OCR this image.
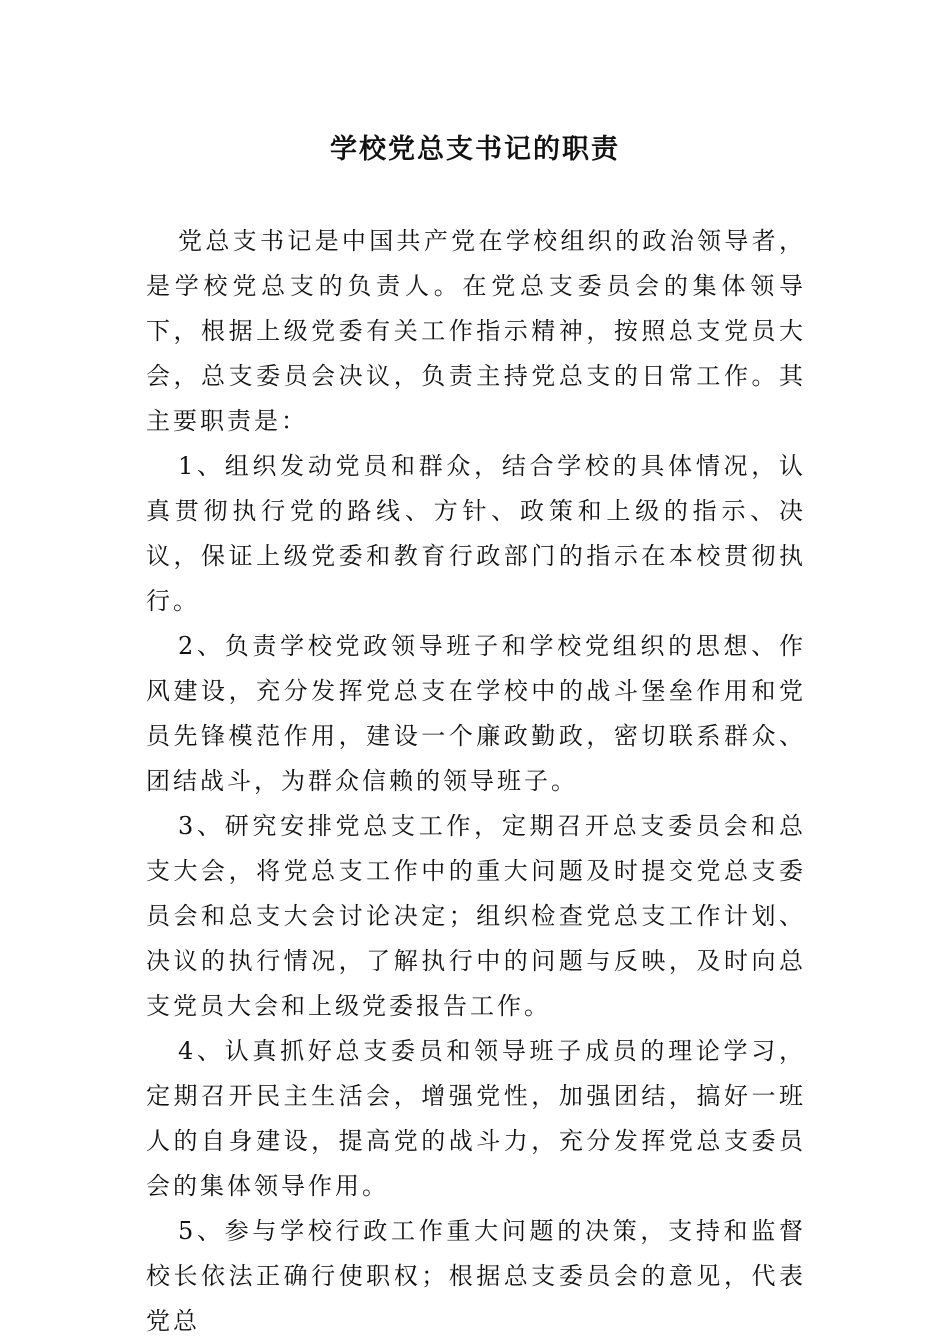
学校党总支书记的职责

党总支书记是中国共产党在学校组织的政治领导者，是学校党总支的负责人。在党总支委员会的集体领导下，根据上级党委有关工作指示精神，按照总支党员大会，总支委员会决议，负责主持党总支的日常工作。其主要职责是：

1、组织发动党员和群众，结合学校的具体情况，认真贯彻执行党的路线、方针、政策和上级的指示、决议，保证上级党委和教育行政部门的指示在本校贯彻执行。

2、负责学校党政领导班子和学校党组织的思想、作风建设，充分发挥党总支在学校中的战斗堡垒作用和党员先锋模范作用，建设一个廉政勤政，密切联系群众、团结战斗，为群众信赖的领导班子。

3、研究安排党总支工作，定期召开总支委员会和总支大会，将党总支工作中的重大问题及时提交党总支委员会和总支大会讨论决定；组织检查党总支工作计划、决议的执行情况，了解执行中的问题与反映，及时向总支党员大会和上级党委报告工作。

4、认真抓好总支委员和领导班子成员的理论学习，定期召开民主生活会，增强党性，加强团结，搞好一班人的自身建设，提高党的战斗力，充分发挥党总支委员会的集体领导作用。

5、参与学校行政工作重大问题的决策，支持和监督校长依法正确行使职权；根据总支委员会的意见，代表党总
